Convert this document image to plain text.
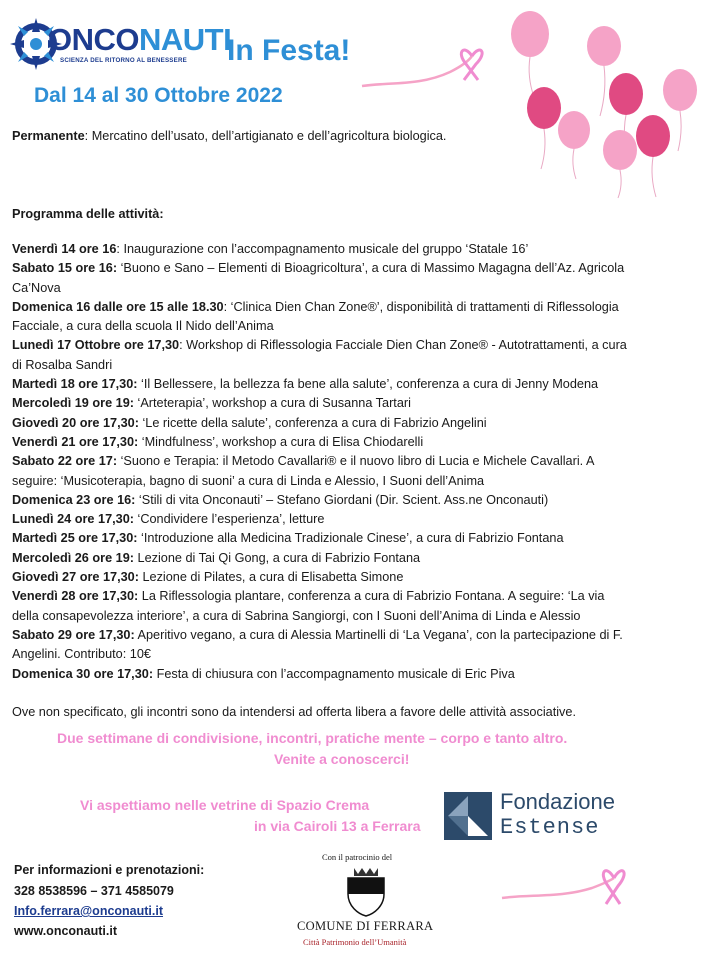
ONCONAUTI
SCIENZA DEL RITORNO AL BENESSERE In Festa!
Dal 14 al 30 Ottobre 2022
Permanente: Mercatino dell’usato, dell’artigianato e dell’agricoltura biologica.
Programma delle attività:
Venerdì 14 ore 16: Inaugurazione con l’accompagnamento musicale del gruppo ‘Statale 16’
Sabato 15 ore 16: ‘Buono e Sano – Elementi di Bioagricoltura’, a cura di Massimo Magagna dell’Az. Agricola
Ca’Nova
Domenica 16 dalle ore 15 alle 18.30: ‘Clinica Dien Chan Zone®’, disponibilità di trattamenti di Riflessologia
Facciale, a cura della scuola Il Nido dell’Anima
Lunedì 17 Ottobre ore 17,30: Workshop di Riflessologia Facciale Dien Chan Zone® - Autotrattamenti, a cura
di Rosalba Sandri
Martedì 18 ore 17,30: ‘Il Bellessere, la bellezza fa bene alla salute’, conferenza a cura di Jenny Modena
Mercoledì 19 ore 19: ‘Arteterapia’, workshop a cura di Susanna Tartari
Giovedì 20 ore 17,30: ‘Le ricette della salute’, conferenza a cura di Fabrizio Angelini
Venerdì 21 ore 17,30: ‘Mindfulness’, workshop a cura di Elisa Chiodarelli
Sabato 22 ore 17: ‘Suono e Terapia: il Metodo Cavallari® e il nuovo libro di Lucia e Michele Cavallari. A
seguire: ‘Musicoterapia, bagno di suoni’ a cura di Linda e Alessio, I Suoni dell’Anima
Domenica 23 ore 16: ‘Stili di vita Onconauti’ – Stefano Giordani (Dir. Scient. Ass.ne Onconauti)
Lunedì 24 ore 17,30: ‘Condividere l’esperienza’, letture
Martedì 25 ore 17,30: ‘Introduzione alla Medicina Tradizionale Cinese’, a cura di Fabrizio Fontana
Mercoledì 26 ore 19: Lezione di Tai Qi Gong, a cura di Fabrizio Fontana
Giovedì 27 ore 17,30: Lezione di Pilates, a cura di Elisabetta Simone
Venerdì 28 ore 17,30: La Riflessologia plantare, conferenza a cura di Fabrizio Fontana. A seguire: ‘La via
della consapevolezza interiore’, a cura di Sabrina Sangiorgi, con I Suoni dell’Anima di Linda e Alessio
Sabato 29 ore 17,30: Aperitivo vegano, a cura di Alessia Martinelli di ‘La Vegana’, con la partecipazione di F.
Angelini. Contributo: 10€
Domenica 30 ore 17,30: Festa di chiusura con l’accompagnamento musicale di Eric Piva
Ove non specificato, gli incontri sono da intendersi ad offerta libera a favore delle attività associative.
Due settimane di condivisione, incontri, pratiche mente – corpo e tanto altro.
Venite a conoscerci!
Vi aspettiamo nelle vetrine di Spazio Crema
in via Cairoli 13 a Ferrara
Fondazione
Estense
Per informazioni e prenotazioni:
328 8538596 – 371 4585079
Info.ferrara@onconauti.it
www.onconauti.it
Con il patrocinio del
COMUNE DI FERRARA
Città Patrimonio dell’Umanità
